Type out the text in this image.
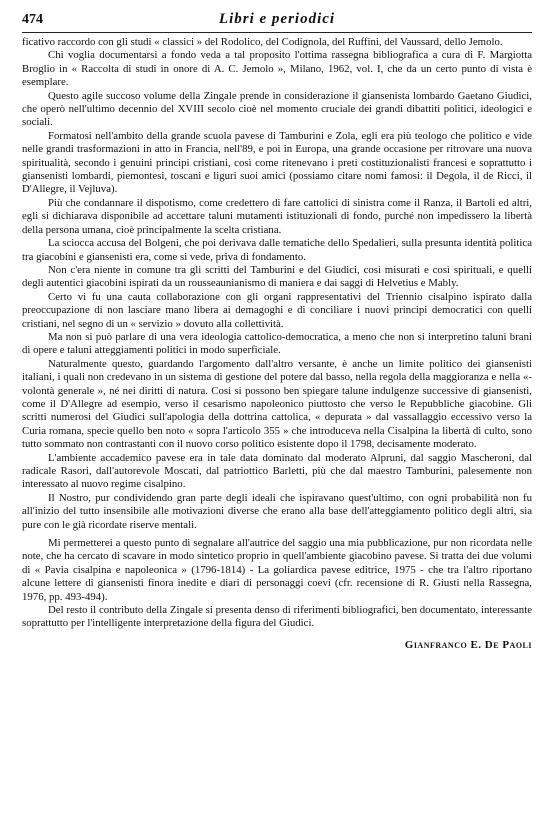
474	Libri e periodici

ficativo raccordo con gli studi « classici » del Rodolico, del Codignola, del Ruffini, del Vaussard, dello Jemolo.

Chi voglia documentarsi a fondo veda a tal proposito l'ottima rassegna bibliografica a cura di F. Margiotta Broglio in « Raccolta di studi in onore di A. C. Jemolo », Milano, 1962, vol. I, che da un certo punto di vista è esemplare.

Questo agile succoso volume della Zingale prende in considerazione il giansenista lombardo Gaetano Giudici, che operò nell'ultimo decennio del XVIII secolo cioè nel momento cruciale dei grandi dibattiti politici, ideologici e sociali.

Formatosi nell'ambito della grande scuola pavese di Tamburini e Zola, egli era più teologo che politico e vide nelle grandi trasformazioni in atto in Francia, nell'89, e poi in Europa, una grande occasione per ritrovare una nuova spiritualità, secondo i genuini principi cristiani, così come ritenevano i preti costituzionalisti francesi e soprattutto i giansenisti lombardi, piemontesi, toscani e liguri suoi amici (possiamo citare nomi famosi: il Degola, il de Ricci, il D'Allegre, il Vejluva).

Più che condannare il dispotismo, come credettero di fare cattolici di sinistra come il Ranza, il Bartoli ed altri, egli si dichiarava disponibile ad accettare taluni mutamenti istituzionali di fondo, purché non impedissero la libertà della persona umana, cioè principalmente la scelta cristiana.

La sciocca accusa del Bolgeni, che poi derivava dalle tematiche dello Spedalieri, sulla presunta identità politica tra giacobini e giansenisti era, come si vede, priva di fondamento.

Non c'era niente in comune tra gli scritti del Tamburini e del Giudici, così misurati e così spirituali, e quelli degli autentici giacobini ispirati da un rousseaunianismo di maniera e dai saggi di Helvetius e Mably.

Certo vi fu una cauta collaborazione con gli organi rappresentativi del Triennio cisalpino ispirato dalla preoccupazione di non lasciare mano libera ai demagoghi e di conciliare i nuovi principi democratici con quelli cristiani, nel segno di un « servizio » dovuto alla collettività.

Ma non si può parlare di una vera ideologia cattolico-democratica, a meno che non si interpretino taluni brani di opere e taluni atteggiamenti politici in modo superficiale.

Naturalmente questo, guardando l'argomento dall'altro versante, è anche un limite politico dei giansenisti italiani, i quali non credevano in un sistema di gestione del potere dal basso, nella regola della maggioranza e nella «-volontà generale », né nei diritti di natura. Così si possono ben spiegare talune indulgenze successive di giansenisti, come il D'Allegre ad esempio, verso il cesarismo napoleonico piuttosto che verso le Repubbliche giacobine. Gli scritti numerosi del Giudici sull'apologia della dottrina cattolica, « depurata » dal vassallaggio eccessivo verso la Curia romana, specie quello ben noto « sopra l'articolo 355 » che introduceva nella Cisalpina la libertà di culto, sono tutto sommato non contrastanti con il nuovo corso politico esistente dopo il 1798, decisamente moderato.

L'ambiente accademico pavese era in tale data dominato dal moderato Alpruni, dal saggio Mascheroni, dal radicale Rasori, dall'autorevole Moscati, dal patriottico Barletti, più che dal maestro Tamburini, palesemente non interessato al nuovo regime cisalpino.

Il Nostro, pur condividendo gran parte degli ideali che ispiravano quest'ultimo, con ogni probabilità non fu all'inizio del tutto insensibile alle motivazioni diverse che erano alla base dell'atteggiamento politico degli altri, sia pure con le già ricordate riserve mentali.

Mi permetterei a questo punto di segnalare all'autrice del saggio una mia pubblicazione, pur non ricordata nelle note, che ha cercato di scavare in modo sintetico proprio in quell'ambiente giacobino pavese. Si tratta dei due volumi di « Pavia cisalpina e napoleonica » (1796-1814) - La goliardica pavese editrice, 1975 - che tra l'altro riportano alcune lettere di giansenisti finora inedite e diari di personaggi coevi (cfr. recensione di R. Giusti nella Rassegna, 1976, pp. 493-494).

Del resto il contributo della Zingale si presenta denso di riferimenti bibliografici, ben documentato, interessante soprattutto per l'intelligente interpretazione della figura del Giudici.

Gianfranco E. De Paoli
